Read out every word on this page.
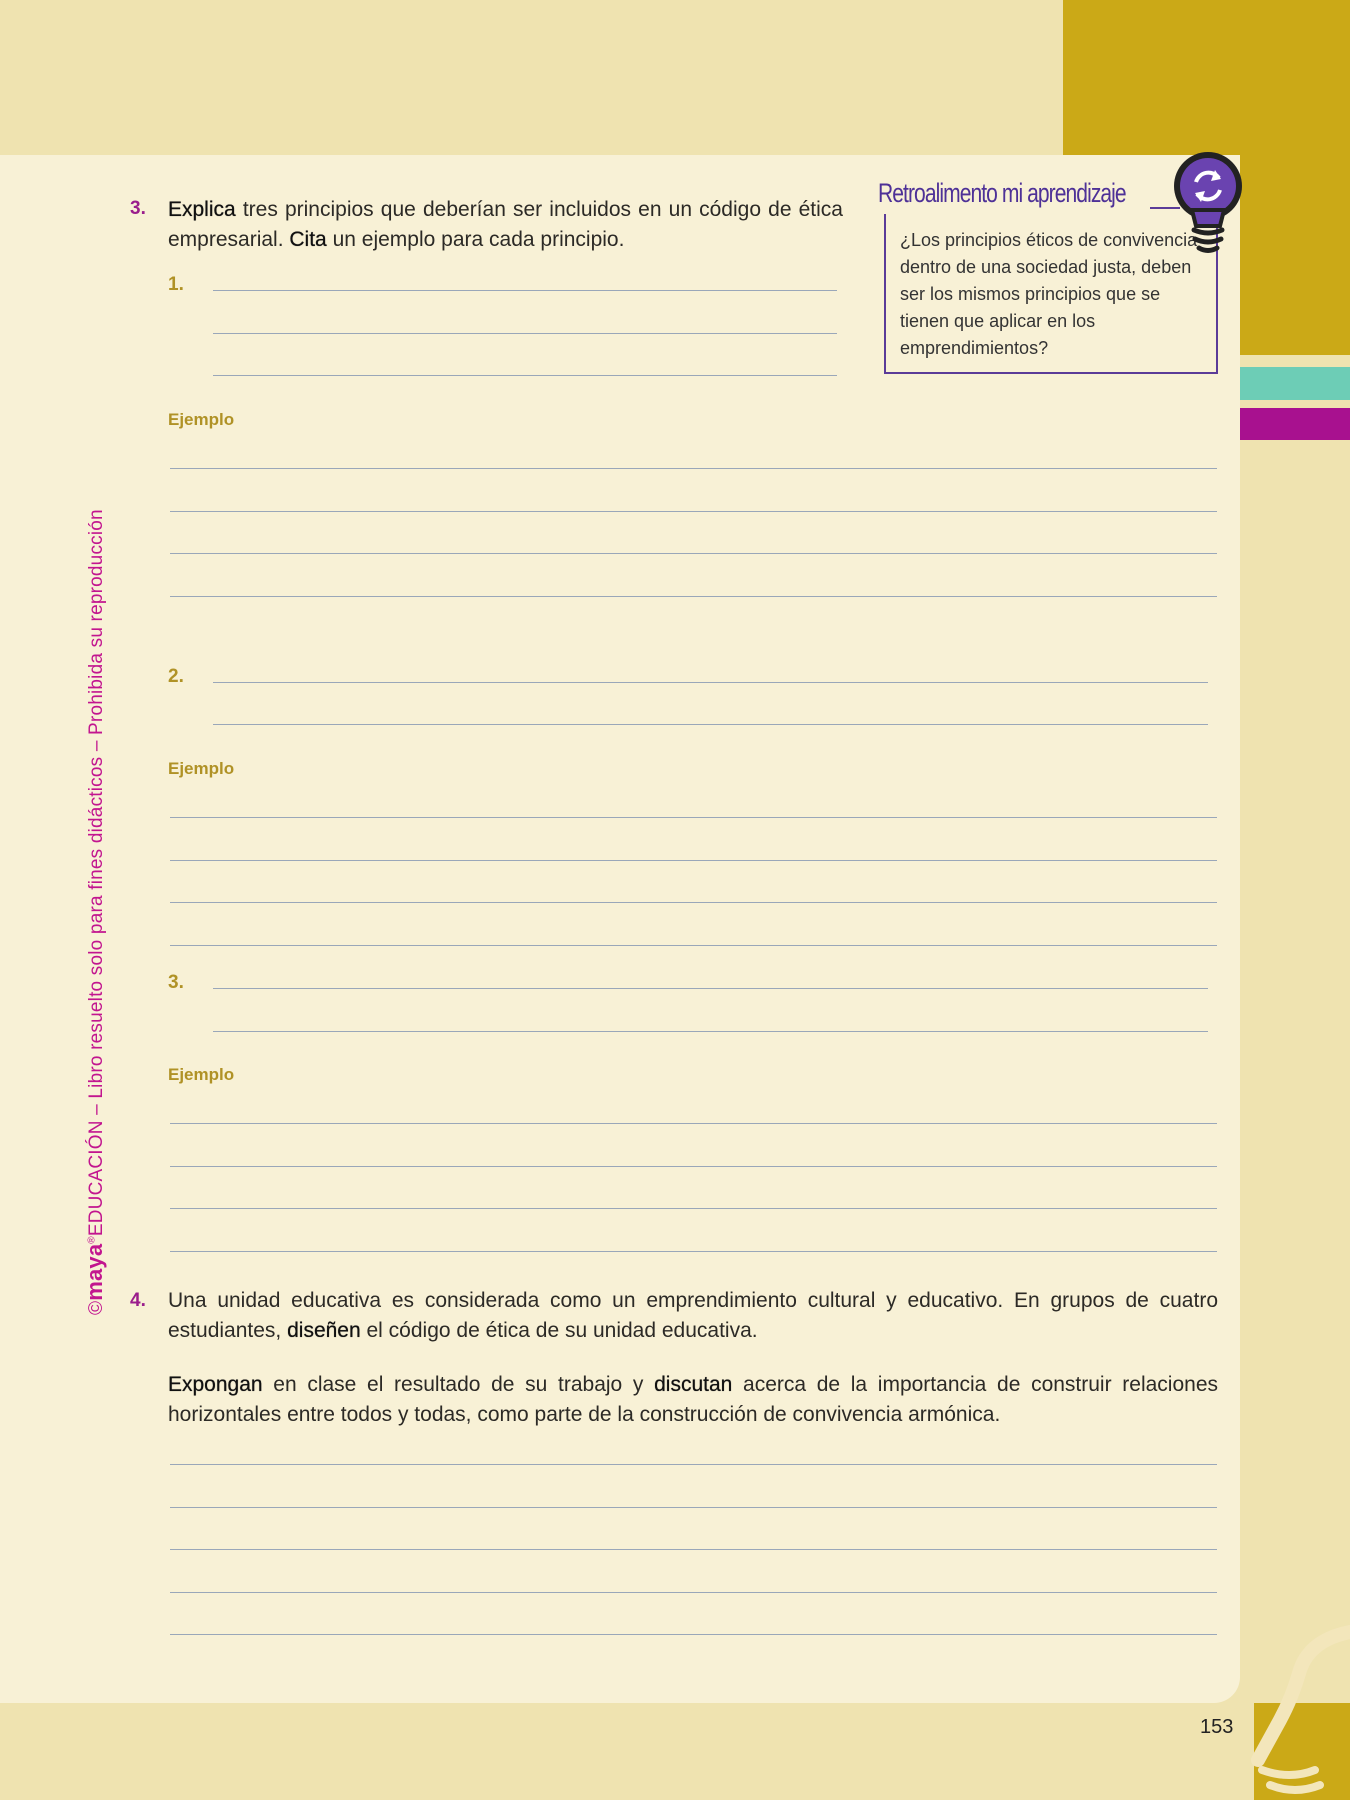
©maya®EDUCACIÓN – Libro resuelto solo para fines didácticos – Prohibida su reproducción
3. Explica tres principios que deberían ser incluidos en un código de ética empresarial. Cita un ejemplo para cada principio.
1.
Ejemplo
2.
Ejemplo
3.
Ejemplo
4. Una unidad educativa es considerada como un emprendimiento cultural y educativo. En grupos de cuatro estudiantes, diseñen el código de ética de su unidad educativa.
Expongan en clase el resultado de su trabajo y discutan acerca de la importancia de construir relaciones horizontales entre todos y todas, como parte de la construcción de convivencia armónica.
Retroalimento mi aprendizaje
¿Los principios éticos de convivencia dentro de una sociedad justa, deben ser los mismos principios que se tienen que aplicar en los emprendimientos?
153
